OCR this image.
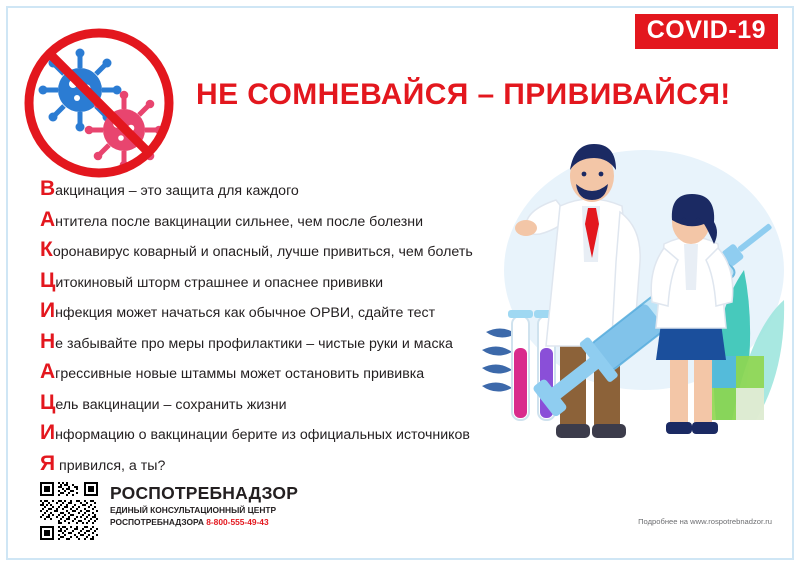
COVID-19
НЕ СОМНЕВАЙСЯ – ПРИВИВАЙСЯ!
Вакцинация – это защита для каждого
Антитела после вакцинации сильнее, чем после болезни
Коронавирус коварный и опасный, лучше привиться, чем болеть
Цитокиновый шторм страшнее и опаснее прививки
Инфекция может начаться как обычное ОРВИ, сдайте тест
Не забывайте про меры профилактики – чистые руки и маска
Агрессивные новые штаммы может остановить прививка
Цель вакцинации – сохранить жизни
Информацию о вакцинации берите из официальных источников
Я привился, а ты?
РОСПОТРЕБНАДЗОР
ЕДИНЫЙ КОНСУЛЬТАЦИОННЫЙ ЦЕНТР
РОСПОТРЕБНАДЗОРА 8-800-555-49-43	Подробнее на www.rospotrebnadzor.ru
